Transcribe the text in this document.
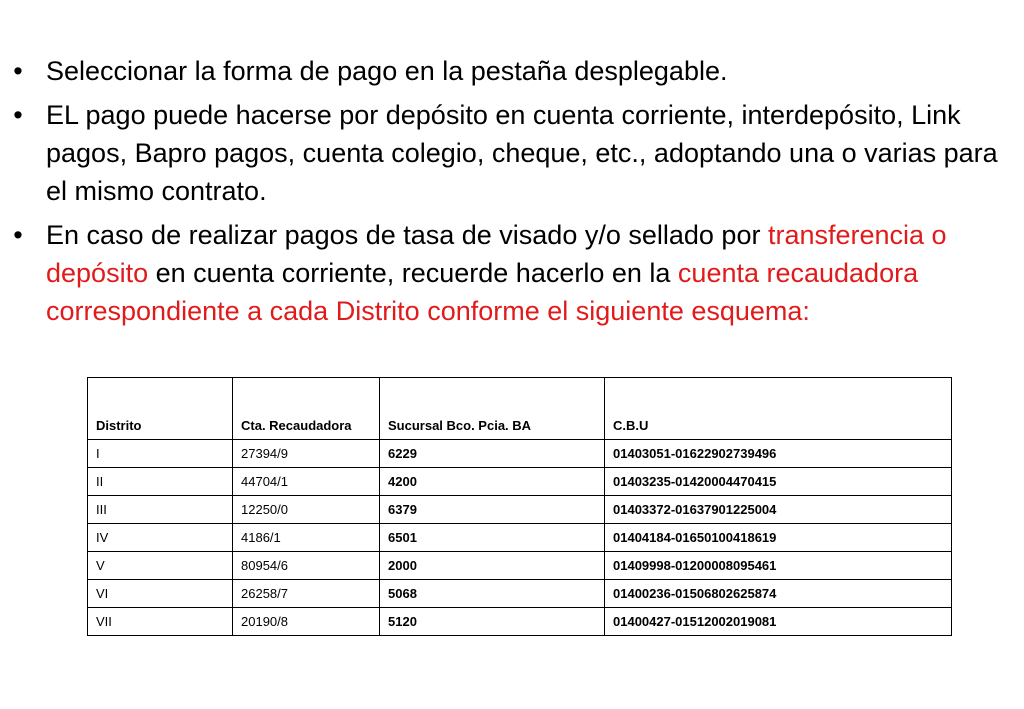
• Seleccionar la forma de pago en la pestaña desplegable.
• EL pago puede hacerse por depósito en cuenta corriente, interdepósito, Link pagos, Bapro pagos, cuenta colegio, cheque, etc., adoptando una o varias para el mismo contrato.
• En caso de realizar pagos de tasa de visado y/o sellado por transferencia o depósito en cuenta corriente, recuerde hacerlo en la cuenta recaudadora correspondiente a cada Distrito conforme el siguiente esquema:
Distrito	Cta. Recaudadora	Sucursal Bco. Pcia. BA	C.B.U
I	27394/9	6229	01403051-01622902739496
II	44704/1	4200	01403235-01420004470415
III	12250/0	6379	01403372-01637901225004
IV	4186/1	6501	01404184-01650100418619
V	80954/6	2000	01409998-01200008095461
VI	26258/7	5068	01400236-01506802625874
VII	20190/8	5120	01400427-01512002019081
